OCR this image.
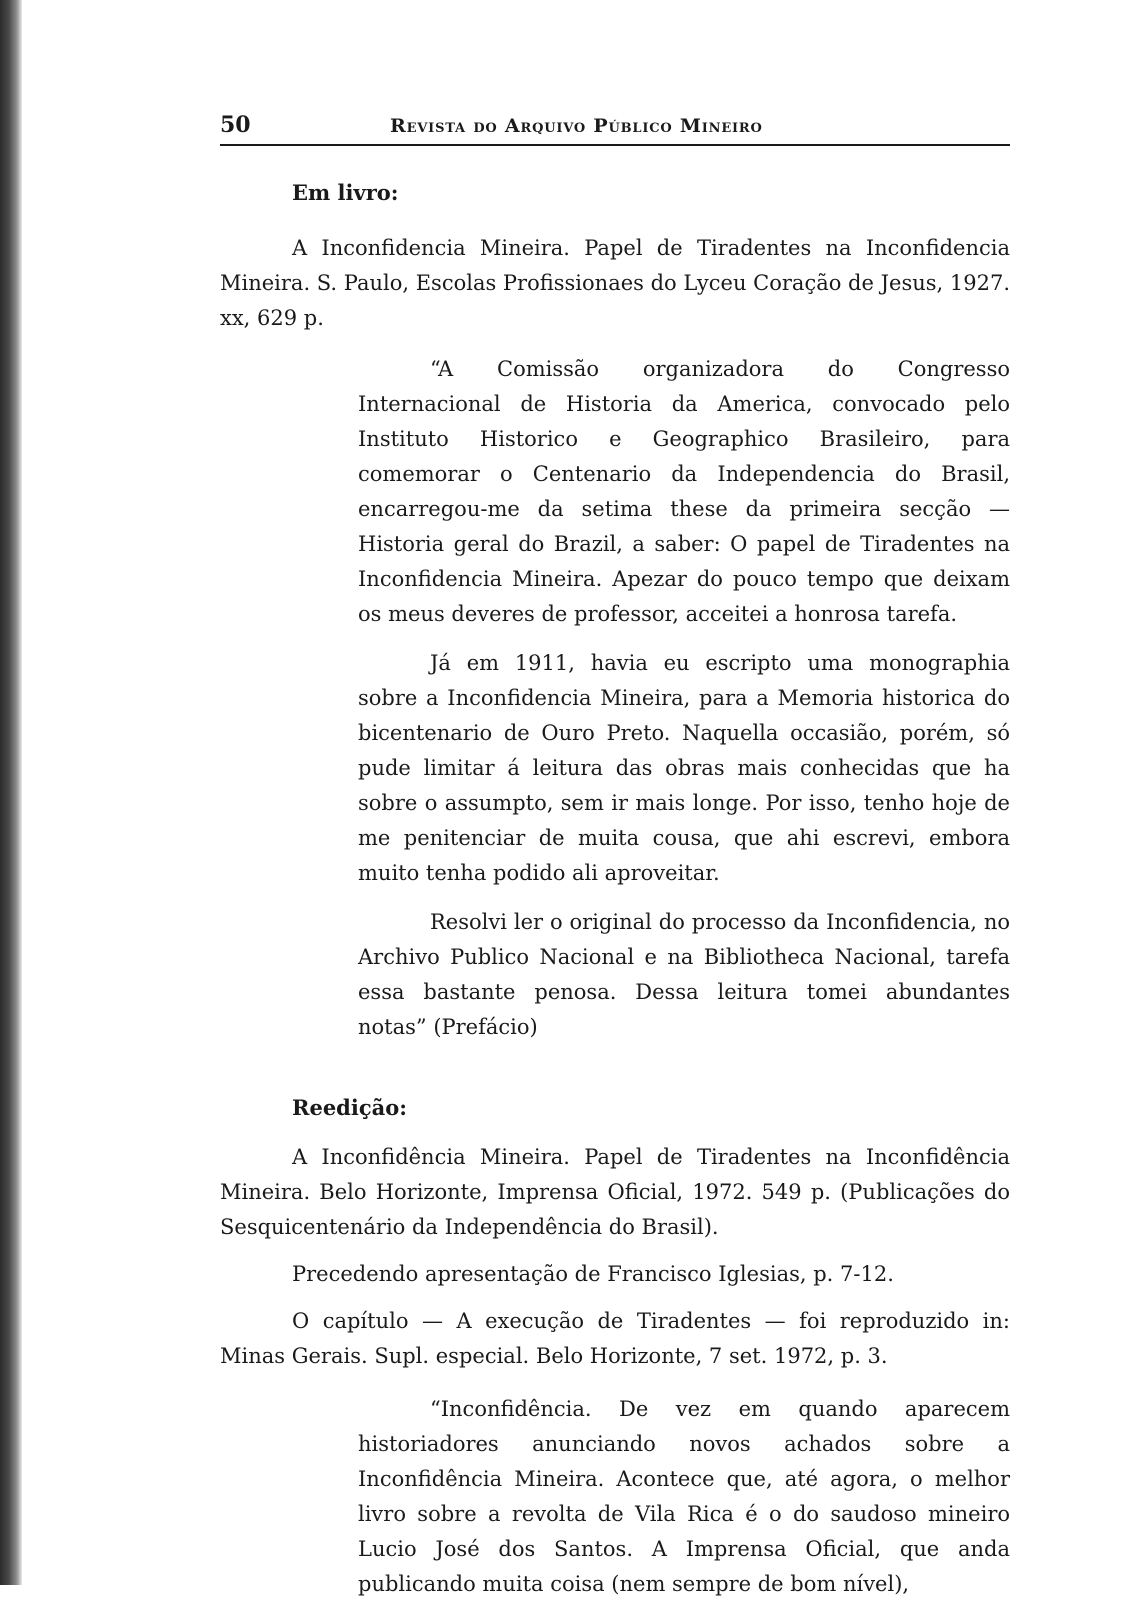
50	Revista do Arquivo Público Mineiro
Em livro:

A Inconfidencia Mineira. Papel de Tiradentes na Inconfidencia Mineira. S. Paulo, Escolas Profissionaes do Lyceu Coração de Jesus, 1927. xx, 629 p.

“A Comissão organizadora do Congresso Internacional de Historia da America, convocado pelo Instituto Historico e Geographico Brasileiro, para comemorar o Centenario da Independencia do Brasil, encarregou-me da setima these da primeira secção — Historia geral do Brazil, a saber: O papel de Tiradentes na Inconfidencia Mineira. Apezar do pouco tempo que deixam os meus deveres de professor, acceitei a honrosa tarefa.

Já em 1911, havia eu escripto uma monographia sobre a Inconfidencia Mineira, para a Memoria historica do bicentenario de Ouro Preto. Naquella occasião, porém, só pude limitar á leitura das obras mais conhecidas que ha sobre o assumpto, sem ir mais longe. Por isso, tenho hoje de me penitenciar de muita cousa, que ahi escrevi, embora muito tenha podido ali aproveitar.

Resolvi ler o original do processo da Inconfidencia, no Archivo Publico Nacional e na Bibliotheca Nacional, tarefa essa bastante penosa. Dessa leitura tomei abundantes notas” (Prefácio)

Reedição:

A Inconfidência Mineira. Papel de Tiradentes na Inconfidência Mineira. Belo Horizonte, Imprensa Oficial, 1972. 549 p. (Publicações do Sesquicentenário da Independência do Brasil).

Precedendo apresentação de Francisco Iglesias, p. 7-12.

O capítulo — A execução de Tiradentes — foi reproduzido in: Minas Gerais. Supl. especial. Belo Horizonte, 7 set. 1972, p. 3.

“Inconfidência. De vez em quando aparecem historiadores anunciando novos achados sobre a Inconfidência Mineira. Acontece que, até agora, o melhor livro sobre a revolta de Vila Rica é o do saudoso mineiro Lucio José dos Santos. A Imprensa Oficial, que anda publicando muita coisa (nem sempre de bom nível),
